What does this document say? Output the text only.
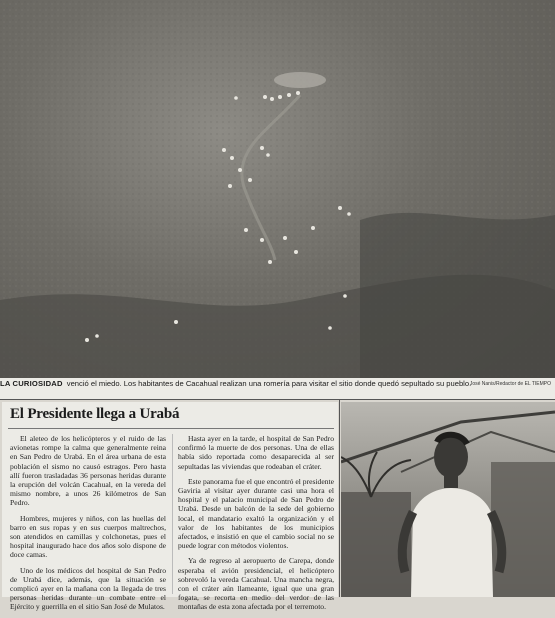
LA CURIOSIDAD venció el miedo. Los habitantes de Cacahual realizan una romería para visitar el sitio donde quedó sepultado su pueblo.
José Nanis/Redactor de EL TIEMPO
El Presidente llega a Urabá

El aleteo de los helicópteros y el ruido de las avionetas rompe la calma que generalmente reina en San Pedro de Urabá. En el área urbana de esta población el sismo no causó estragos. Pero hasta allí fueron trasladadas 36 personas heridas durante la erupción del volcán Cacahual, en la vereda del mismo nombre, a unos 26 kilómetros de San Pedro.

Hombres, mujeres y niños, con las huellas del barro en sus ropas y en sus cuerpos maltrechos, son atendidos en camillas y colchonetas, pues el hospital inaugurado hace dos años solo dispone de doce camas.

Uno de los médicos del hospital de San Pedro de Urabá dice, además, que la situación se complicó ayer en la mañana con la llegada de tres personas heridas durante un combate entre el Ejército y guerrilla en el sitio San José de Mulatos.

Hasta ayer en la tarde, el hospital de San Pedro confirmó la muerte de dos personas. Una de ellas había sido reportada como desaparecida al ser sepultadas las viviendas que rodeaban el cráter.

Este panorama fue el que encontró el presidente Gaviria al visitar ayer durante casi una hora el hospital y el palacio municipal de San Pedro de Urabá. Desde un balcón de la sede del gobierno local, el mandatario exaltó la organización y el valor de los habitantes de los municipios afectados, e insistió en que el cambio social no se puede lograr con métodos violentos.

Ya de regreso al aeropuerto de Carepa, donde esperaba el avión presidencial, el helicóptero sobrevoló la vereda Cacahual. Una mancha negra, con el cráter aún llameante, igual que una gran fogata, se recorta en medio del verdor de las montañas de esta zona afectada por el terremoto.
